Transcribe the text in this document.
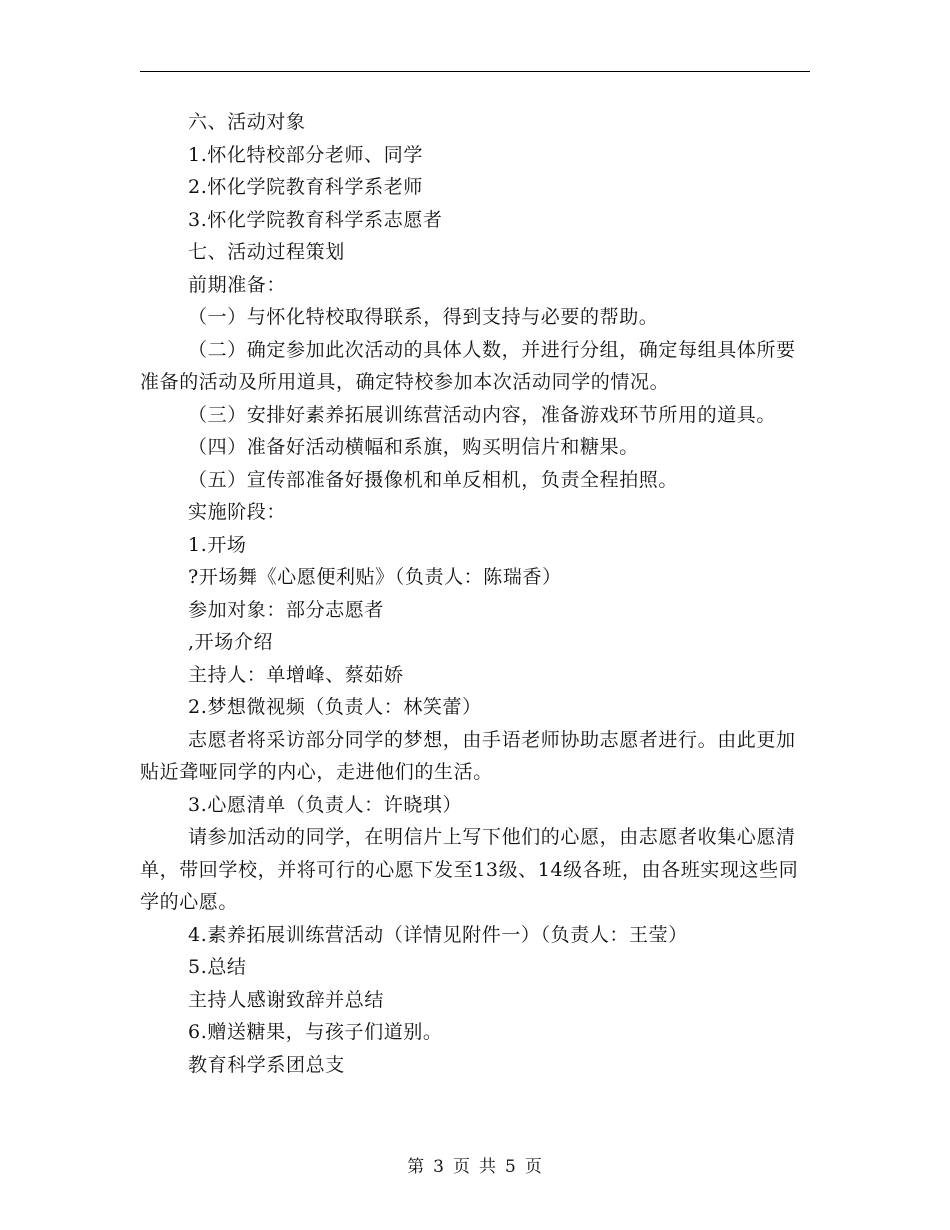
六、活动对象

1.怀化特校部分老师、同学

2.怀化学院教育科学系老师

3.怀化学院教育科学系志愿者

七、活动过程策划

前期准备：

（一）与怀化特校取得联系，得到支持与必要的帮助。

（二）确定参加此次活动的具体人数，并进行分组，确定每组具体所要准备的活动及所用道具，确定特校参加本次活动同学的情况。

（三）安排好素养拓展训练营活动内容，准备游戏环节所用的道具。

（四）准备好活动横幅和系旗，购买明信片和糖果。

（五）宣传部准备好摄像机和单反相机，负责全程拍照。

实施阶段：

1.开场

?开场舞《心愿便利贴》（负责人：陈瑞香）

参加对象：部分志愿者

,开场介绍

主持人：单增峰、蔡茹娇

2.梦想微视频（负责人：林笑蕾）

志愿者将采访部分同学的梦想，由手语老师协助志愿者进行。由此更加贴近聋哑同学的内心，走进他们的生活。

3.心愿清单（负责人：许晓琪）

请参加活动的同学，在明信片上写下他们的心愿，由志愿者收集心愿清单，带回学校，并将可行的心愿下发至13级、14级各班，由各班实现这些同学的心愿。

4.素养拓展训练营活动（详情见附件一）（负责人：王莹）

5.总结

主持人感谢致辞并总结

6.赠送糖果，与孩子们道别。

教育科学系团总支

第 3 页 共 5 页
